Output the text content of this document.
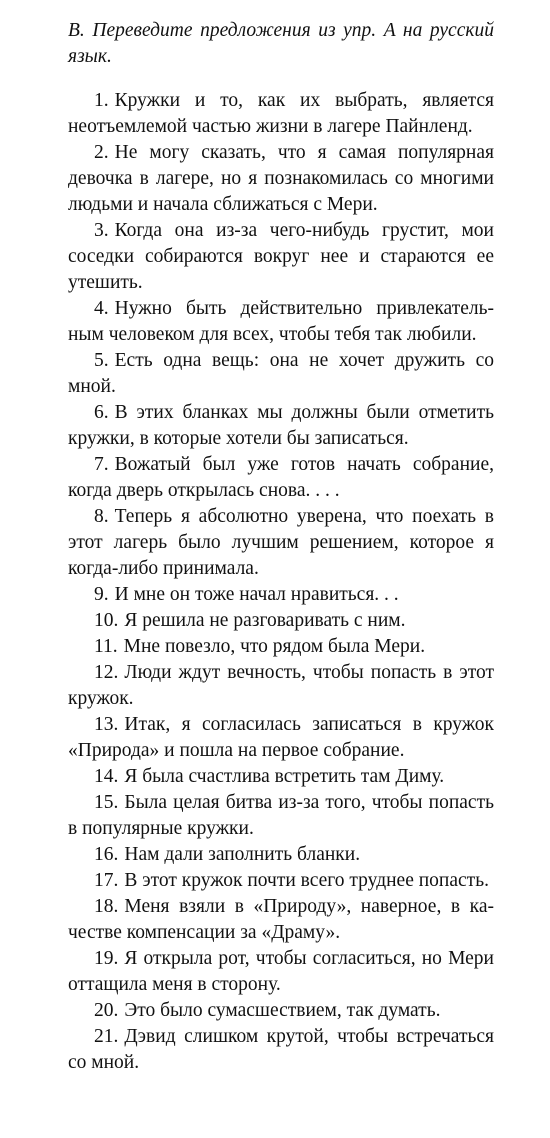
B. Переведите предложения из упр. A на русский язык.

1. Кружки и то, как их выбрать, является неотъемлемой частью жизни в лагере Пайнленд.
2. Не могу сказать, что я самая популярная девочка в лагере, но я познакомилась со многими людьми и начала сближаться с Мери.
3. Когда она из-за чего-нибудь грустит, мои соседки собираются вокруг нее и стараются ее утешить.
4. Нужно быть действительно привлекательным человеком для всех, чтобы тебя так любили.
5. Есть одна вещь: она не хочет дружить со мной.
6. В этих бланках мы должны были отметить кружки, в которые хотели бы записаться.
7. Вожатый был уже готов начать собрание, когда дверь открылась снова. . . .
8. Теперь я абсолютно уверена, что поехать в этот лагерь было лучшим решением, которое я когда-либо принимала.
9. И мне он тоже начал нравиться. . .
10. Я решила не разговаривать с ним.
11. Мне повезло, что рядом была Мери.
12. Люди ждут вечность, чтобы попасть в этот кружок.
13. Итак, я согласилась записаться в кружок «Природа» и пошла на первое собрание.
14. Я была счастлива встретить там Диму.
15. Была целая битва из-за того, чтобы попасть в популярные кружки.
16. Нам дали заполнить бланки.
17. В этот кружок почти всего труднее попасть.
18. Меня взяли в «Природу», наверное, в качестве компенсации за «Драму».
19. Я открыла рот, чтобы согласиться, но Мери оттащила меня в сторону.
20. Это было сумасшествием, так думать.
21. Дэвид слишком крутой, чтобы встречаться со мной.
